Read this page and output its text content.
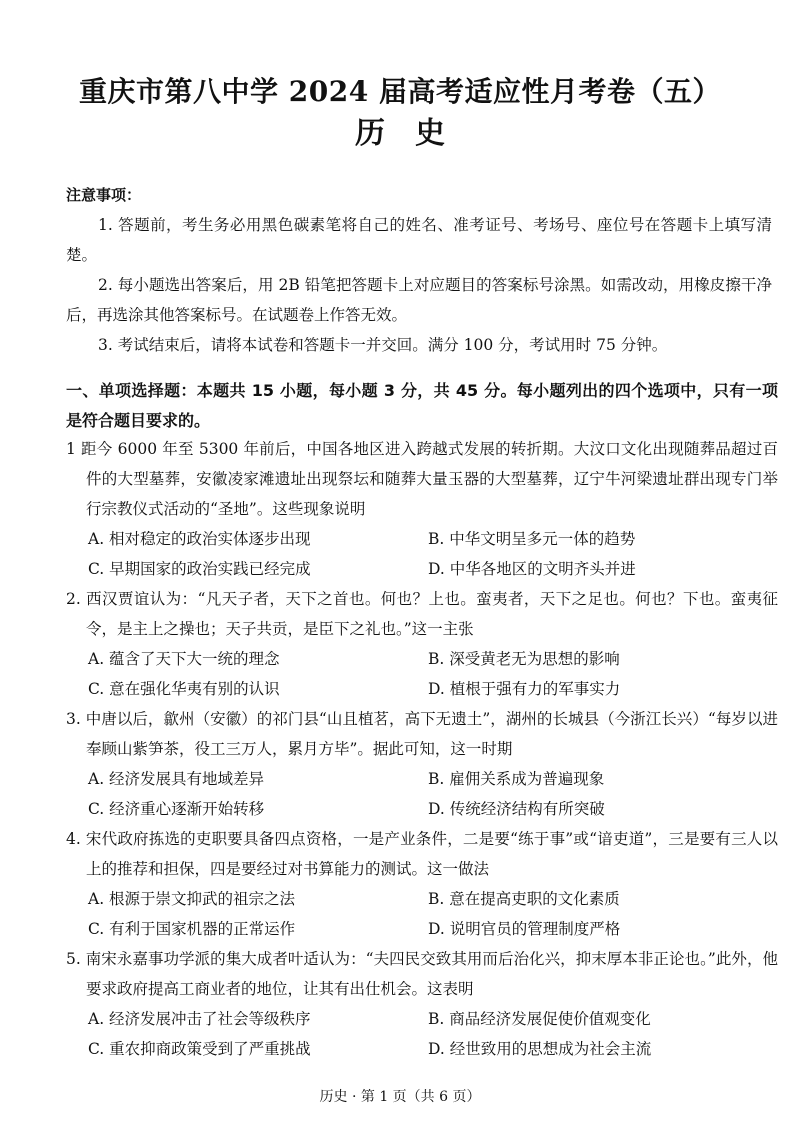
重庆市第八中学 2024 届高考适应性月考卷（五）
历史
注意事项：
1. 答题前，考生务必用黑色碳素笔将自己的姓名、准考证号、考场号、座位号在答题卡上填写清楚。
2. 每小题选出答案后，用 2B 铅笔把答题卡上对应题目的答案标号涂黑。如需改动，用橡皮擦干净后，再选涂其他答案标号。在试题卷上作答无效。
3. 考试结束后，请将本试卷和答题卡一并交回。满分 100 分，考试用时 75 分钟。
一、单项选择题：本题共 15 小题，每小题 3 分，共 45 分。每小题列出的四个选项中，只有一项是符合题目要求的。
1 距今 6000 年至 5300 年前后，中国各地区进入跨越式发展的转折期。大汶口文化出现随葬品超过百件的大型墓葬，安徽凌家滩遗址出现祭坛和随葬大量玉器的大型墓葬，辽宁牛河梁遗址群出现专门举行宗教仪式活动的“圣地”。这些现象说明
A. 相对稳定的政治实体逐步出现	B. 中华文明呈多元一体的趋势
C. 早期国家的政治实践已经完成	D. 中华各地区的文明齐头并进
2. 西汉贾谊认为：“凡天子者，天下之首也。何也？上也。蛮夷者，天下之足也。何也？下也。蛮夷征令，是主上之操也；天子共贡，是臣下之礼也。”这一主张
A. 蕴含了天下大一统的理念	B. 深受黄老无为思想的影响
C. 意在强化华夷有别的认识	D. 植根于强有力的军事实力
3. 中唐以后，歙州（安徽）的祁门县“山且植茗，高下无遗土”，湖州的长城县（今浙江长兴）“每岁以进奉顾山紫笋茶，役工三万人，累月方毕”。据此可知，这一时期
A. 经济发展具有地域差异	B. 雇佣关系成为普遍现象
C. 经济重心逐渐开始转移	D. 传统经济结构有所突破
4. 宋代政府拣选的吏职要具备四点资格，一是产业条件，二是要“练于事”或“谙吏道”，三是要有三人以上的推荐和担保，四是要经过对书算能力的测试。这一做法
A. 根源于崇文抑武的祖宗之法	B. 意在提高吏职的文化素质
C. 有利于国家机器的正常运作	D. 说明官员的管理制度严格
5. 南宋永嘉事功学派的集大成者叶适认为：“夫四民交致其用而后治化兴，抑末厚本非正论也。”此外，他要求政府提高工商业者的地位，让其有出仕机会。这表明
A. 经济发展冲击了社会等级秩序	B. 商品经济发展促使价值观变化
C. 重农抑商政策受到了严重挑战	D. 经世致用的思想成为社会主流
历史 · 第 1 页（共 6 页）
